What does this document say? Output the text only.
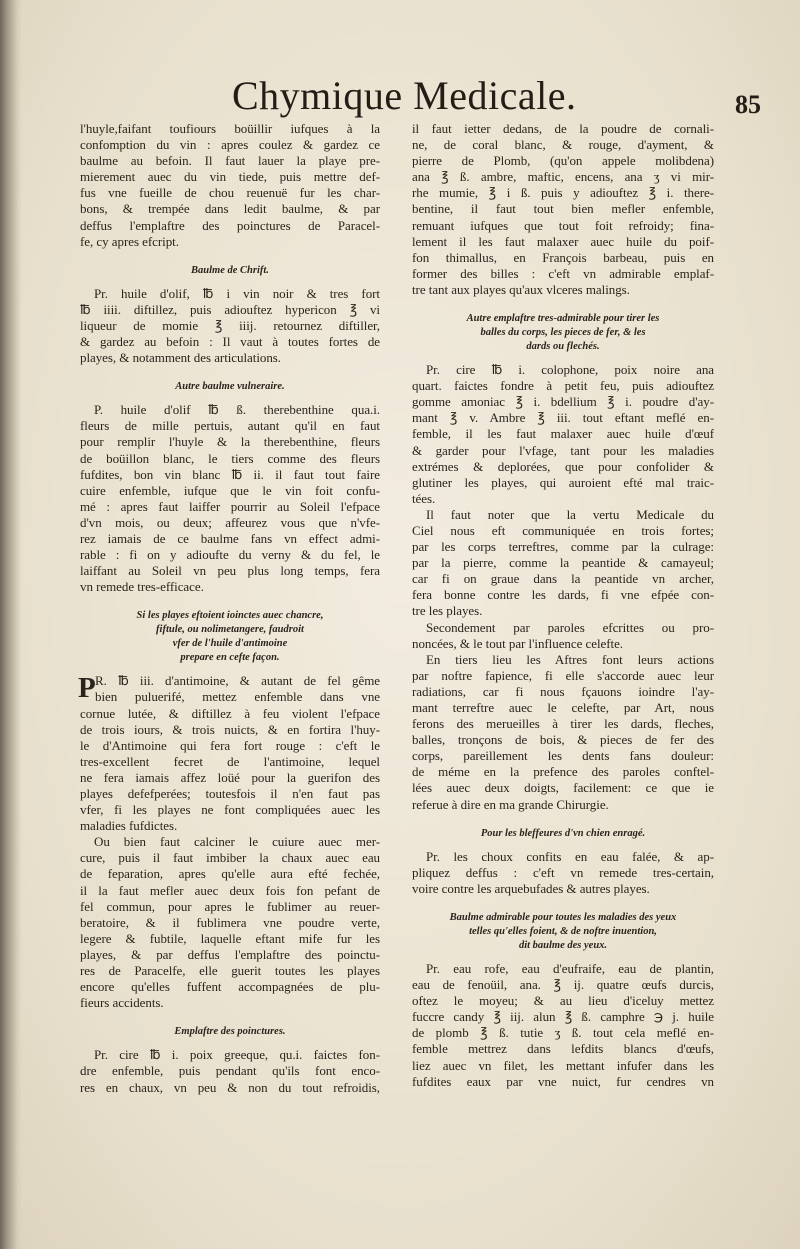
Chymique Medicale.	85
l'huyle,faifant toufiours boüillir iufques à la
confomption du vin : apres coulez & gardez ce
baulme au befoin. Il faut lauer la playe pre-
mierement auec du vin tiede, puis mettre def-
fus vne fueille de chou reuenuë fur les char-
bons, & trempée dans ledit baulme, & par
deffus l'emplaftre des poinctures de Paracel-
fe, cy apres efcript.
Baulme de Chrift.
Pr. huile d'olif, ℔ i vin noir & tres fort
℔ iiii. diftillez, puis adiouftez hypericon ℥ vi
liqueur de momie ℥ iiij. retournez diftiller,
& gardez au befoin : Il vaut à toutes fortes de
playes, & notamment des articulations.
Autre baulme vulneraire.
P. huile d'olif ℔ ß. therebenthine qua.i.
fleurs de mille pertuis, autant qu'il en faut
pour remplir l'huyle & la therebenthine, fleurs
de boüillon blanc, le tiers comme des fleurs
fufdites, bon vin blanc ℔ ii. il faut tout faire
cuire enfemble, iufque que le vin foit confu-
mé : apres faut laiffer pourrir au Soleil l'efpace
d'vn mois, ou deux; affeurez vous que n'vfe-
rez iamais de ce baulme fans vn effect admi-
rable : fi on y adioufte du verny & du fel, le
laiffant au Soleil vn peu plus long temps, fera
vn remede tres-efficace.
Si les playes eftoient ioinctes auec chancre,
fiftule, ou nolimetangere, faudroit
vfer de l'huile d'antimoine
prepare en cefte façon.
P R. ℔ iii. d'antimoine, & autant de fel gême
bien puluerifé, mettez enfemble dans vne
cornue lutée, & diftillez à feu violent l'efpace
de trois iours, & trois nuicts, & en fortira l'huy-
le d'Antimoine qui fera fort rouge : c'eft le
tres-excellent fecret de l'antimoine, lequel
ne fera iamais affez loüé pour la guerifon des
playes defefperées; toutesfois il n'en faut pas
vfer, fi les playes ne font compliquées auec les
maladies fufdictes.
Ou bien faut calciner le cuiure auec mer-
cure, puis il faut imbiber la chaux auec eau
de feparation, apres qu'elle aura efté fechée,
il la faut mefler auec deux fois fon pefant de
fel commun, pour apres le fublimer au reuer-
beratoire, & il fublimera vne poudre verte,
legere & fubtile, laquelle eftant mife fur les
playes, & par deffus l'emplaftre des poinctu-
res de Paracelfe, elle guerit toutes les playes
encore qu'elles fuffent accompagnées de plu-
fieurs accidents.
Emplaftre des poinctures.
Pr. cire ℔ i. poix greeque, qu.i. faictes fon-
dre enfemble, puis pendant qu'ils font enco-
res en chaux, vn peu & non du tout refroidis,
il faut ietter dedans, de la poudre de cornali-
ne, de coral blanc, & rouge, d'ayment, &
pierre de Plomb, (qu'on appele molibdena)
ana ℥ ß. ambre, maftic, encens, ana ʒ vi mir-
rhe mumie, ℥ i ß. puis y adiouftez ℥ i. there-
bentine, il faut tout bien mefler enfemble,
remuant iufques que tout foit refroidy; fina-
lement il les faut malaxer auec huile du poif-
fon thimallus, en François barbeau, puis en
former des billes : c'eft vn admirable emplaf-
tre tant aux playes qu'aux vlceres malings.
Autre emplaftre tres-admirable pour tirer les
balles du corps, les pieces de fer, & les
dards ou flechés.
Pr. cire ℔ i. colophone, poix noire ana
quart. faictes fondre à petit feu, puis adiouftez
gomme amoniac ℥ i. bdellium ℥ i. poudre d'ay-
mant ℥ v. Ambre ℥ iii. tout eftant meflé en-
femble, il les faut malaxer auec huile d'œuf
& garder pour l'vfage, tant pour les maladies
extrémes & deplorées, que pour confolider &
glutiner les playes, qui auroient efté mal traic-
tées.
Il faut noter que la vertu Medicale du
Ciel nous eft communiquée en trois fortes;
par les corps terreftres, comme par la culrage:
par la pierre, comme la peantide & camayeul;
car fi on graue dans la peantide vn archer,
fera bonne contre les dards, fi vne efpée con-
tre les playes.
Secondement par paroles efcrittes ou pro-
noncées, & le tout par l'influence celefte.
En tiers lieu les Aftres font leurs actions
par noftre fapience, fi elle s'accorde auec leur
radiations, car fi nous fçauons ioindre l'ay-
mant terreftre auec le celefte, par Art, nous
ferons des merueilles à tirer les dards, fleches,
balles, tronçons de bois, & pieces de fer des
corps, pareillement les dents fans douleur:
de méme en la prefence des paroles conftel-
lées auec deux doigts, facilement: ce que ie
referue à dire en ma grande Chirurgie.
Pour les bleffeures d'vn chien enragé.
Pr. les choux confits en eau falée, & ap-
pliquez deffus : c'eft vn remede tres-certain,
voire contre les arquebufades & autres playes.
Baulme admirable pour toutes les maladies des yeux
telles qu'elles foient, & de noftre inuention,
dit baulme des yeux.
Pr. eau rofe, eau d'eufraife, eau de plantin,
eau de fenoüil, ana. ℥ ij. quatre œufs durcis,
oftez le moyeu; & au lieu d'iceluy mettez
fuccre candy ℥ iij. alun ℥ ß. camphre ℈ j. huile
de plomb ℥ ß. tutie ʒ ß. tout cela meflé en-
femble mettrez dans lefdits blancs d'œufs,
liez auec vn filet, les mettant infufer dans les
fufdites eaux par vne nuict, fur cendres vn
